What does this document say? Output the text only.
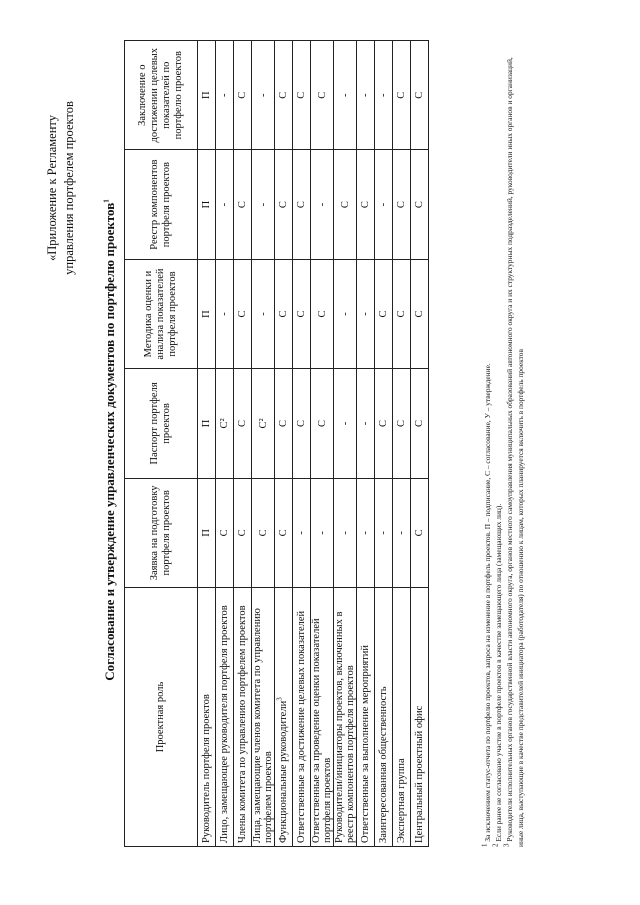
«Приложение к Регламенту управления портфелем проектов
Согласование и утверждение управленческих документов по портфелю проектов$^1$
Проектная роль	Заявка на подготовку портфеля проектов	Паспорт портфеля проектов	Методика оценки и анализа показателей портфеля проектов	Реестр компонентов портфеля проектов	Заключение о достижении целевых показателей по портфелю проектов
Руководитель портфеля проектов	П	П	П	П	П
Лицо, замещающее руководителя портфеля проектов	С	С²	-	-	-
Члены комитета по управлению портфелем проектов	С	С	С	С	С
Лица, замещающие членов комитета по управлению портфелем проектов	С	С²	-	-	-
Функциональные руководители$^3$	С	С	С	С	С
Ответственные за достижение целевых показателей	-	С	С	С	С
Ответственные за проведение оценки показателей портфеля проектов	-	С	С	-	С
Руководители/инициаторы проектов, включенных в реестр компонентов портфеля проектов	-	-	-	С	-
Ответственные за выполнение мероприятий	-	-	-	С	-
Заинтересованная общественность	-	С	С	-	-
Экспертная группа	-	С	С	С	С
Центральный проектный офис	С	С	С	С	С

1 За исключением статус-отчета по портфелю проектов, запроса на изменение в портфель проектов. П – подписание, С – согласование, У – утверждение.

2 Если ранее не согласовано участие в портфеле проектов в качестве замещающего лица (замещающих лиц).

3 Руководители исполнительных органов государственной власти автономного округа, органов местного самоуправления муниципальных образований автономного округа и их структурных подразделений, руководители иных органов и организаций, иные лица, выступающие в качестве представителей инициатора (работодателя) по отношению к лицам, которых планируется включить в портфель проектов
